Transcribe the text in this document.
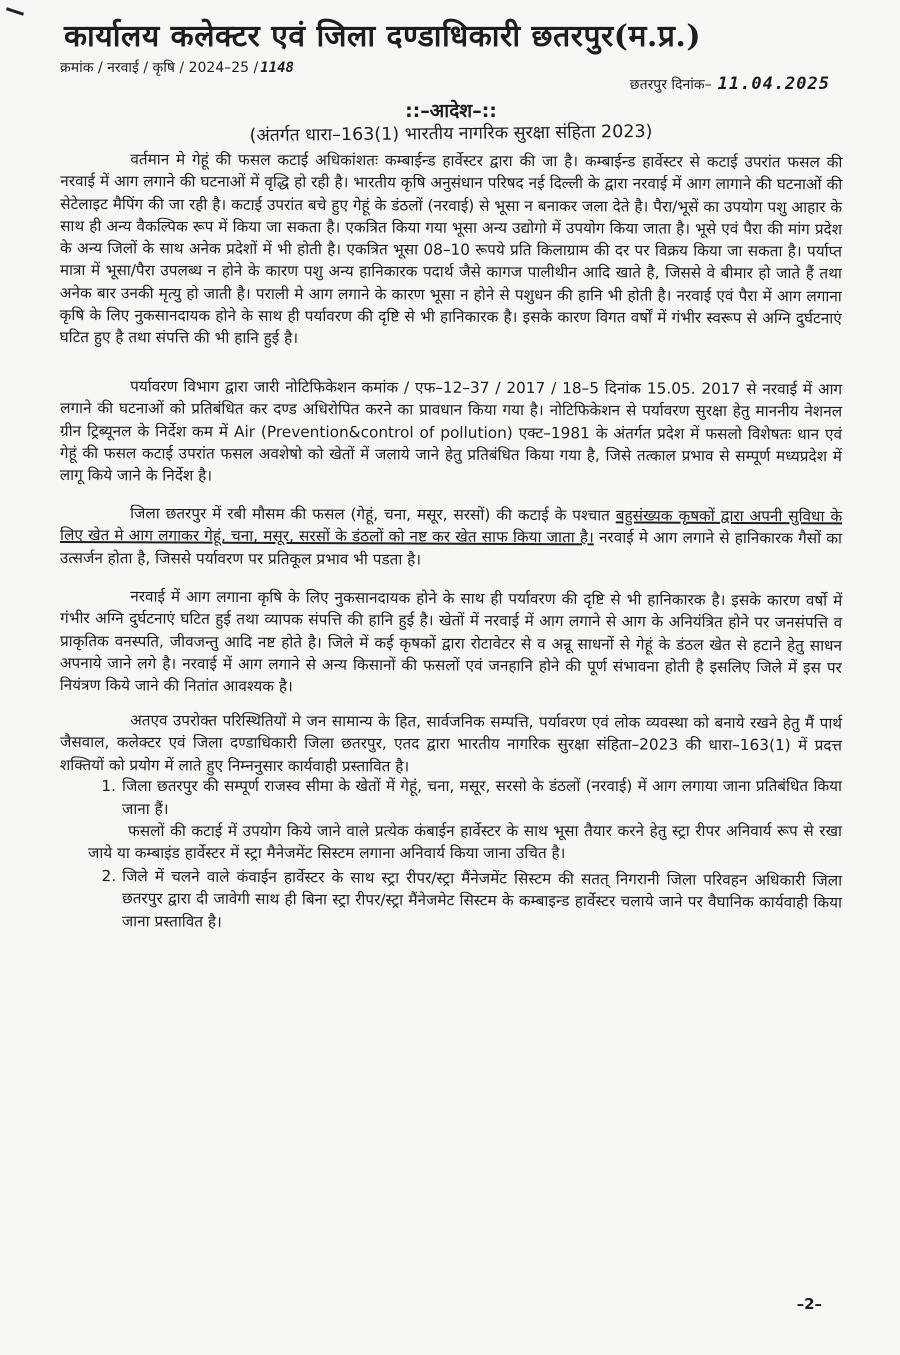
कार्यालय कलेक्टर एवं जिला दण्डाधिकारी छतरपुर(म.प्र.)
क्रमांक / नरवाई / कृषि / 2024–25 / 1148
छतरपुर दिनांक– 11.04.2025
::–आदेश–::
(अंतर्गत धारा–163(1) भारतीय नागरिक सुरक्षा संहिता 2023)

वर्तमान मे गेहूं की फसल कटाई अधिकांशतः कम्बाईन्ड हार्वेस्टर द्वारा की जा है। कम्बाईन्ड हार्वेस्टर से कटाई उपरांत फसल की नरवाई में आग लगाने की घटनाओं में वृद्धि हो रही है। भारतीय कृषि अनुसंधान परिषद नई दिल्ली के द्वारा नरवाई में आग लागाने की घटनाओं की सेटेलाइट मैपिंग की जा रही है। कटाई उपरांत बचे हुए गेहूं के डंठलों (नरवाई) से भूसा न बनाकर जला देते है। पैरा/भूसें का उपयोग पशु आहार के साथ ही अन्य वैकल्पिक रूप में किया जा सकता है। एकत्रित किया गया भूसा अन्य उद्योगो में उपयोग किया जाता है। भूसे एवं पैरा की मांग प्रदेश के अन्य जिलों के साथ अनेक प्रदेशों में भी होती है। एकत्रित भूसा 08–10 रूपये प्रति किलाग्राम की दर पर विक्रय किया जा सकता है। पर्याप्त मात्रा में भूसा/पैरा उपलब्ध न होने के कारण पशु अन्य हानिकारक पदार्थ जैसे कागज पालीथीन आदि खाते है, जिससे वे बीमार हो जाते हैं तथा अनेक बार उनकी मृत्यु हो जाती है। पराली मे आग लगाने के कारण भूसा न होने से पशुधन की हानि भी होती है। नरवाई एवं पैरा में आग लगाना कृषि के लिए नुकसानदायक होने के साथ ही पर्यावरण की दृष्टि से भी हानिकारक है। इसके कारण विगत वर्षों में गंभीर स्वरूप से अग्नि दुर्घटनाएं घटित हुए है तथा संपत्ति की भी हानि हुई है।

पर्यावरण विभाग द्वारा जारी नोटिफिकेशन कमांक / एफ–12–37 / 2017 / 18–5 दिनांक 15.05. 2017 से नरवाई में आग लगाने की घटनाओं को प्रतिबंधित कर दण्ड अधिरोपित करने का प्रावधान किया गया है। नोटिफिकेशन से पर्यावरण सुरक्षा हेतु माननीय नेशनल ग्रीन ट्रिब्यूनल के निर्देश कम में Air (Prevention&control of pollution) एक्ट–1981 के अंतर्गत प्रदेश में फसलो विशेषतः धान एवं गेहूं की फसल कटाई उपरांत फसल अवशेषो को खेतों में जलाये जाने हेतु प्रतिबंधित किया गया है, जिसे तत्काल प्रभाव से सम्पूर्ण मध्यप्रदेश में लागू किये जाने के निर्देश है।

जिला छतरपुर में रबी मौसम की फसल (गेहूं, चना, मसूर, सरसों) की कटाई के पश्चात बहुसंख्यक कृषकों द्वारा अपनी सुविधा के लिए खेत मे आग लगाकर गेहूं, चना, मसूर, सरसों के डंठलों को नष्ट कर खेत साफ किया जाता है। नरवाई मे आग लगाने से हानिकारक गैसों का उत्सर्जन होता है, जिससे पर्यावरण पर प्रतिकूल प्रभाव भी पडता है।

नरवाई में आग लगाना कृषि के लिए नुकसानदायक होने के साथ ही पर्यावरण की दृष्टि से भी हानिकारक है। इसके कारण वर्षो में गंभीर अग्नि दुर्घटनाएं घटित हुई तथा व्यापक संपत्ति की हानि हुई है। खेतों में नरवाई में आग लगाने से आग के अनियंत्रित होने पर जनसंपत्ति व प्राकृतिक वनस्पति, जीवजन्तु आदि नष्ट होते है। जिले में कई कृषकों द्वारा रोटावेटर से व अन्रू साधनों से गेहूं के डंठल खेत से हटाने हेतु साधन अपनाये जाने लगे है। नरवाई में आग लगाने से अन्य किसानों की फसलों एवं जनहानि होने की पूर्ण संभावना होती है इसलिए जिले में इस पर नियंत्रण किये जाने की नितांत आवश्यक है।

अतएव उपरोक्त परिस्थितियों मे जन सामान्य के हित, सार्वजनिक सम्पत्ति, पर्यावरण एवं लोक व्यवस्था को बनाये रखने हेतु मैं पार्थ जैसवाल, कलेक्टर एवं जिला दण्डाधिकारी जिला छतरपुर, एतद द्वारा भारतीय नागरिक सुरक्षा संहिता–2023 की धारा–163(1) में प्रदत्त शक्तियों को प्रयोग में लाते हुए निम्ननुसार कार्यवाही प्रस्तावित है।

1. जिला छतरपुर की सम्पूर्ण राजस्व सीमा के खेतों में गेहूं, चना, मसूर, सरसो के डंठलों (नरवाई) में आग लगाया जाना प्रतिबंधित किया जाना हैं।

फसलों की कटाई में उपयोग किये जाने वाले प्रत्येक कंबाईन हार्वेस्टर के साथ भूसा तैयार करने हेतु स्ट्रा रीपर अनिवार्य रूप से रखा जाये या कम्बाइंड हार्वेस्टर में स्ट्रा मैनेजमेंट सिस्टम लगाना अनिवार्य किया जाना उचित है।

2. जिले में चलने वाले कंवाईन हार्वेस्टर के साथ स्ट्रा रीपर/स्ट्रा मैंनेजमेंट सिस्टम की सतत् निगरानी जिला परिवहन अधिकारी जिला छतरपुर द्वारा दी जावेगी साथ ही बिना स्ट्रा रीपर/स्ट्रा मैंनेजमेट सिस्टम के कम्बाइन्ड हार्वेस्टर चलाये जाने पर वैघानिक कार्यवाही किया जाना प्रस्तावित है।
–2–
